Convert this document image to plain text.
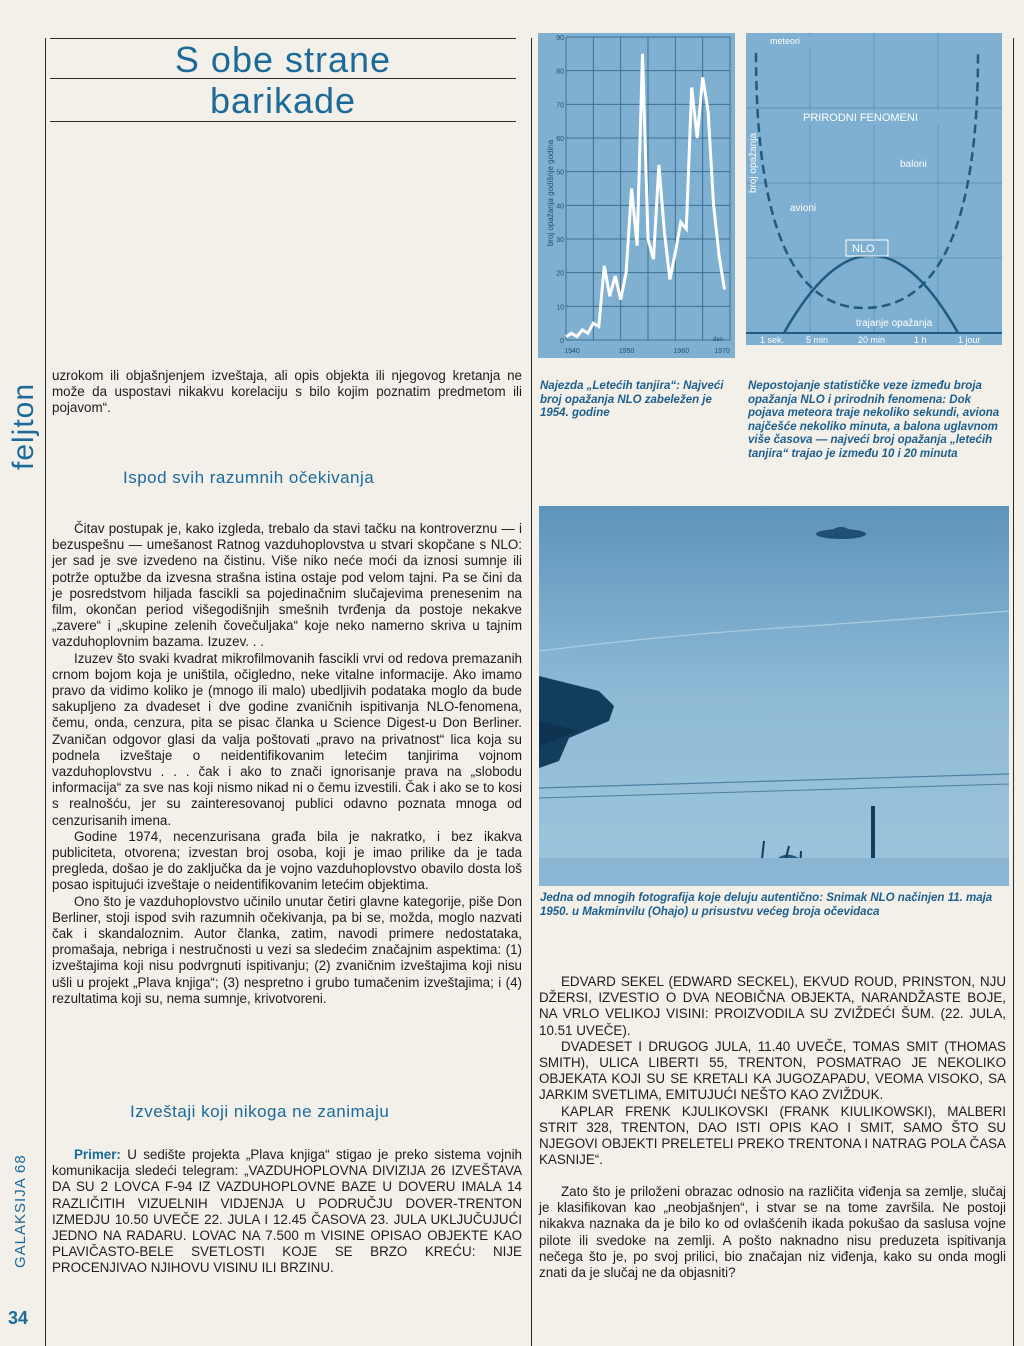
feljton
GALAKSIJA 68
34
S obe strane
barikade
uzrokom ili objašnjenjem izveštaja, ali opis objekta ili njegovog kretanja ne može da uspostavi nikakvu korelaciju s bilo kojim poznatim predmetom ili pojavom“.
Ispod svih razumnih očekivanja

Čitav postupak je, kako izgleda, trebalo da stavi tačku na kontroverznu — i bezuspešnu — umešanost Ratnog vazduhoplovstva u stvari skopčane s NLO: jer sad je sve izvedeno na čistinu. Više niko neće moći da iznosi sumnje ili potrže optužbe da izvesna strašna istina ostaje pod velom tajni. Pa se čini da je posredstvom hiljada fascikli sa pojedinačnim slučajevima prenesenim na film, okončan period višegodišnjih smešnih tvrđenja da postoje nekakve „zavere“ i „skupine zelenih čovečuljaka“ koje neko namerno skriva u tajnim vazduhoplovnim bazama. Izuzev. . .

Izuzev što svaki kvadrat mikrofilmovanih fascikli vrvi od redova premazanih crnom bojom koja je uništila, očigledno, neke vitalne informacije. Ako imamo pravo da vidimo koliko je (mnogo ili malo) ubedljivih podataka moglo da bude sakupljeno za dvadeset i dve godine zvaničnih ispitivanja NLO-fenomena, čemu, onda, cenzura, pita se pisac članka u Science Digest-u Don Berliner. Zvaničan odgovor glasi da valja poštovati „pravo na privatnost“ lica koja su podnela izveštaje o neidentifikovanim letećim tanjirima vojnom vazduhoplovstvu . . . čak i ako to znači ignorisanje prava na „slobodu informacija“ za sve nas koji nismo nikad ni o čemu izvestili. Čak i ako se to kosi s realnošću, jer su zainteresovanoj publici odavno poznata mnoga od cenzurisanih imena.

Godine 1974, necenzurisana građa bila je nakratko, i bez ikakva publiciteta, otvorena; izvestan broj osoba, koji je imao prilike da je tada pregleda, došao je do zaključka da je vojno vazduhoplovstvo obavilo dosta loš posao ispitujući izveštaje o neidentifikovanim letećim objektima.

Ono što je vazduhoplovstvo učinilo unutar četiri glavne kategorije, piše Don Berliner, stoji ispod svih razumnih očekivanja, pa bi se, možda, moglo nazvati čak i skandaloznim. Autor članka, zatim, navodi primere nedostataka, promašaja, nebriga i nestručnosti u vezi sa sledećim značajnim aspektima: (1) izveštajima koji nisu podvrgnuti ispitivanju; (2) zvaničnim izveštajima koji nisu ušli u projekt „Plava knjiga“; (3) nespretno i grubo tumačenim izveštajima; i (4) rezultatima koji su, nema sumnje, krivotvoreni.

Izveštaji koji nikoga ne zanimaju

Primer: U sedište projekta „Plava knjiga“ stigao je preko sistema vojnih komunikacija sledeći telegram: „VAZDUHOPLOVNA DIVIZIJA 26 IZVEŠTAVA DA SU 2 LOVCA F-94 IZ VAZDUHOPLOVNE BAZE U DOVERU IMALA 14 RAZLIČITIH VIZUELNIH VIDJENJA U PODRUČJU DOVER-TRENTON IZMEDJU 10.50 UVEČE 22. JULA I 12.45 ČASOVA 23. JULA UKLJUČUJUĆI JEDNO NA RADARU. LOVAC NA 7.500 m VISINE OPISAO OBJEKTE KAO PLAVIČASTO-BELE SVETLOSTI KOJE SE BRZO KREĆU: NIJE PROCENJIVAO NJIHOVU VISINU ILI BRZINU.

broj opažanja godišnje godina
den
0
10
20
30
40
50
60
70
80
90
1940	1950	1960	1970
meteori
PRIRODNI FENOMENI
baloni
avioni
NLO
trajanje opažanja
broj opažanja
1 sek. 5 min	20 min	1 h	1 jour
Najezda „Letećih tanjira“: Najveći broj opažanja NLO zabeležen je 1954. godine
Nepostojanje statističke veze između broja opažanja NLO i prirodnih fenomena: Dok pojava meteora traje nekoliko sekundi, aviona najčešće nekoliko minuta, a balona uglavnom više časova — najveći broj opažanja „letećih tanjira“ trajao je između 10 i 20 minuta
Jedna od mnogih fotografija koje deluju autentično: Snimak NLO načinjen 11. maja 1950. u Makminvilu (Ohajo) u prisustvu većeg broja očevidaca

EDVARD SEKEL (EDWARD SECKEL), EKVUD ROUD, PRINSTON, NJU DŽERSI, IZVESTIO O DVA NEOBIČNA OBJEKTA, NARANDŽASTE BOJE, NA VRLO VELIKOJ VISINI: PROIZVODILA SU ZVIŽDEĆI ŠUM. (22. JULA, 10.51 UVEČE).

DVADESET I DRUGOG JULA, 11.40 UVEČE, TOMAS SMIT (THOMAS SMITH), ULICA LIBERTI 55, TRENTON, POSMATRAO JE NEKOLIKO OBJEKATA KOJI SU SE KRETALI KA JUGOZAPADU, VEOMA VISOKO, SA JARKIM SVETLIMA, EMITUJUĆI NEŠTO KAO ZVIŽDUK.

KAPLAR FRENK KJULIKOVSKI (FRANK KIULIKOWSKI), MALBERI STRIT 328, TRENTON, DAO ISTI OPIS KAO I SMIT, SAMO ŠTO SU NJEGOVI OBJEKTI PRELETELI PREKO TRENTONA I NATRAG POLA ČASA KASNIJE“.

Zato što je priloženi obrazac odnosio na različita viđenja sa zemlje, slučaj je klasifikovan kao „neobjašnjen“, i stvar se na tome završila. Ne postoji nikakva naznaka da je bilo ko od ovlašćenih ikada pokušao da saslusa vojne pilote ili svedoke na zemlji. A pošto naknadno nisu preduzeta ispitivanja nečega što je, po svoj prilici, bio značajan niz viđenja, kako su onda mogli znati da je slučaj ne da objasniti?
